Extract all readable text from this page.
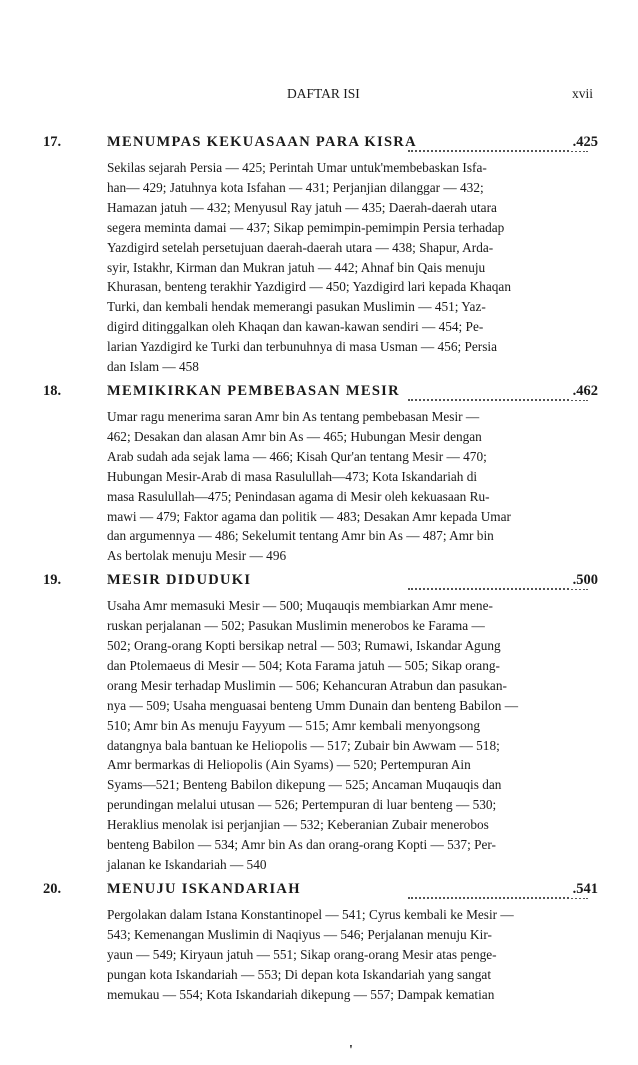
DAFTAR ISI	xvii
17.	MENUMPAS KEKUASAAN PARA KISRA	.425
Sekilas sejarah Persia — 425; Perintah Umar untuk'membebaskan Isfa-
han— 429; Jatuhnya kota Isfahan — 431; Perjanjian dilanggar — 432;
Hamazan jatuh — 432; Menyusul Ray jatuh — 435; Daerah-daerah utara
segera meminta damai — 437; Sikap pemimpin-pemimpin Persia terhadap
Yazdigird setelah persetujuan daerah-daerah utara — 438; Shapur, Arda-
syir, Istakhr, Kirman dan Mukran jatuh — 442; Ahnaf bin Qais menuju
Khurasan, benteng terakhir Yazdigird — 450; Yazdigird lari kepada Khaqan
Turki, dan kembali hendak memerangi pasukan Muslimin — 451; Yaz-
digird ditinggalkan oleh Khaqan dan kawan-kawan sendiri — 454; Pe-
larian Yazdigird ke Turki dan terbunuhnya di masa Usman — 456; Persia
dan Islam — 458
18.	MEMIKIRKAN PEMBEBASAN MESIR	.462
Umar ragu menerima saran Amr bin As tentang pembebasan Mesir —
462; Desakan dan alasan Amr bin As — 465; Hubungan Mesir dengan
Arab sudah ada sejak lama — 466; Kisah Qur'an tentang Mesir — 470;
Hubungan Mesir-Arab di masa Rasulullah—473; Kota Iskandariah di
masa Rasulullah—475; Penindasan agama di Mesir oleh kekuasaan Ru-
mawi — 479; Faktor agama dan politik — 483; Desakan Amr kepada Umar
dan argumennya — 486; Sekelumit tentang Amr bin As — 487; Amr bin
As bertolak menuju Mesir — 496
19.	MESIR DIDUDUKI	.500
Usaha Amr memasuki Mesir — 500; Muqauqis membiarkan Amr mene-
ruskan perjalanan — 502; Pasukan Muslimin menerobos ke Farama —
502; Orang-orang Kopti bersikap netral — 503; Rumawi, Iskandar Agung
dan Ptolemaeus di Mesir — 504; Kota Farama jatuh — 505; Sikap orang-
orang Mesir terhadap Muslimin — 506; Kehancuran Atrabun dan pasukan-
nya — 509; Usaha menguasai benteng Umm Dunain dan benteng Babilon —
510; Amr bin As menuju Fayyum — 515; Amr kembali menyongsong
datangnya bala bantuan ke Heliopolis — 517; Zubair bin Awwam — 518;
Amr bermarkas di Heliopolis (Ain Syams) — 520; Pertempuran Ain
Syams—521; Benteng Babilon dikepung — 525; Ancaman Muqauqis dan
perundingan melalui utusan — 526; Pertempuran di luar benteng — 530;
Heraklius menolak isi perjanjian — 532; Keberanian Zubair menerobos
benteng Babilon — 534; Amr bin As dan orang-orang Kopti — 537; Per-
jalanan ke Iskandariah — 540
20.	MENUJU ISKANDARIAH	.541
Pergolakan dalam Istana Konstantinopel — 541; Cyrus kembali ke Mesir —
543; Kemenangan Muslimin di Naqiyus — 546; Perjalanan menuju Kir-
yaun — 549; Kiryaun jatuh — 551; Sikap orang-orang Mesir atas penge-
pungan kota Iskandariah — 553; Di depan kota Iskandariah yang sangat
memukau — 554; Kota Iskandariah dikepung — 557; Dampak kematian
'
